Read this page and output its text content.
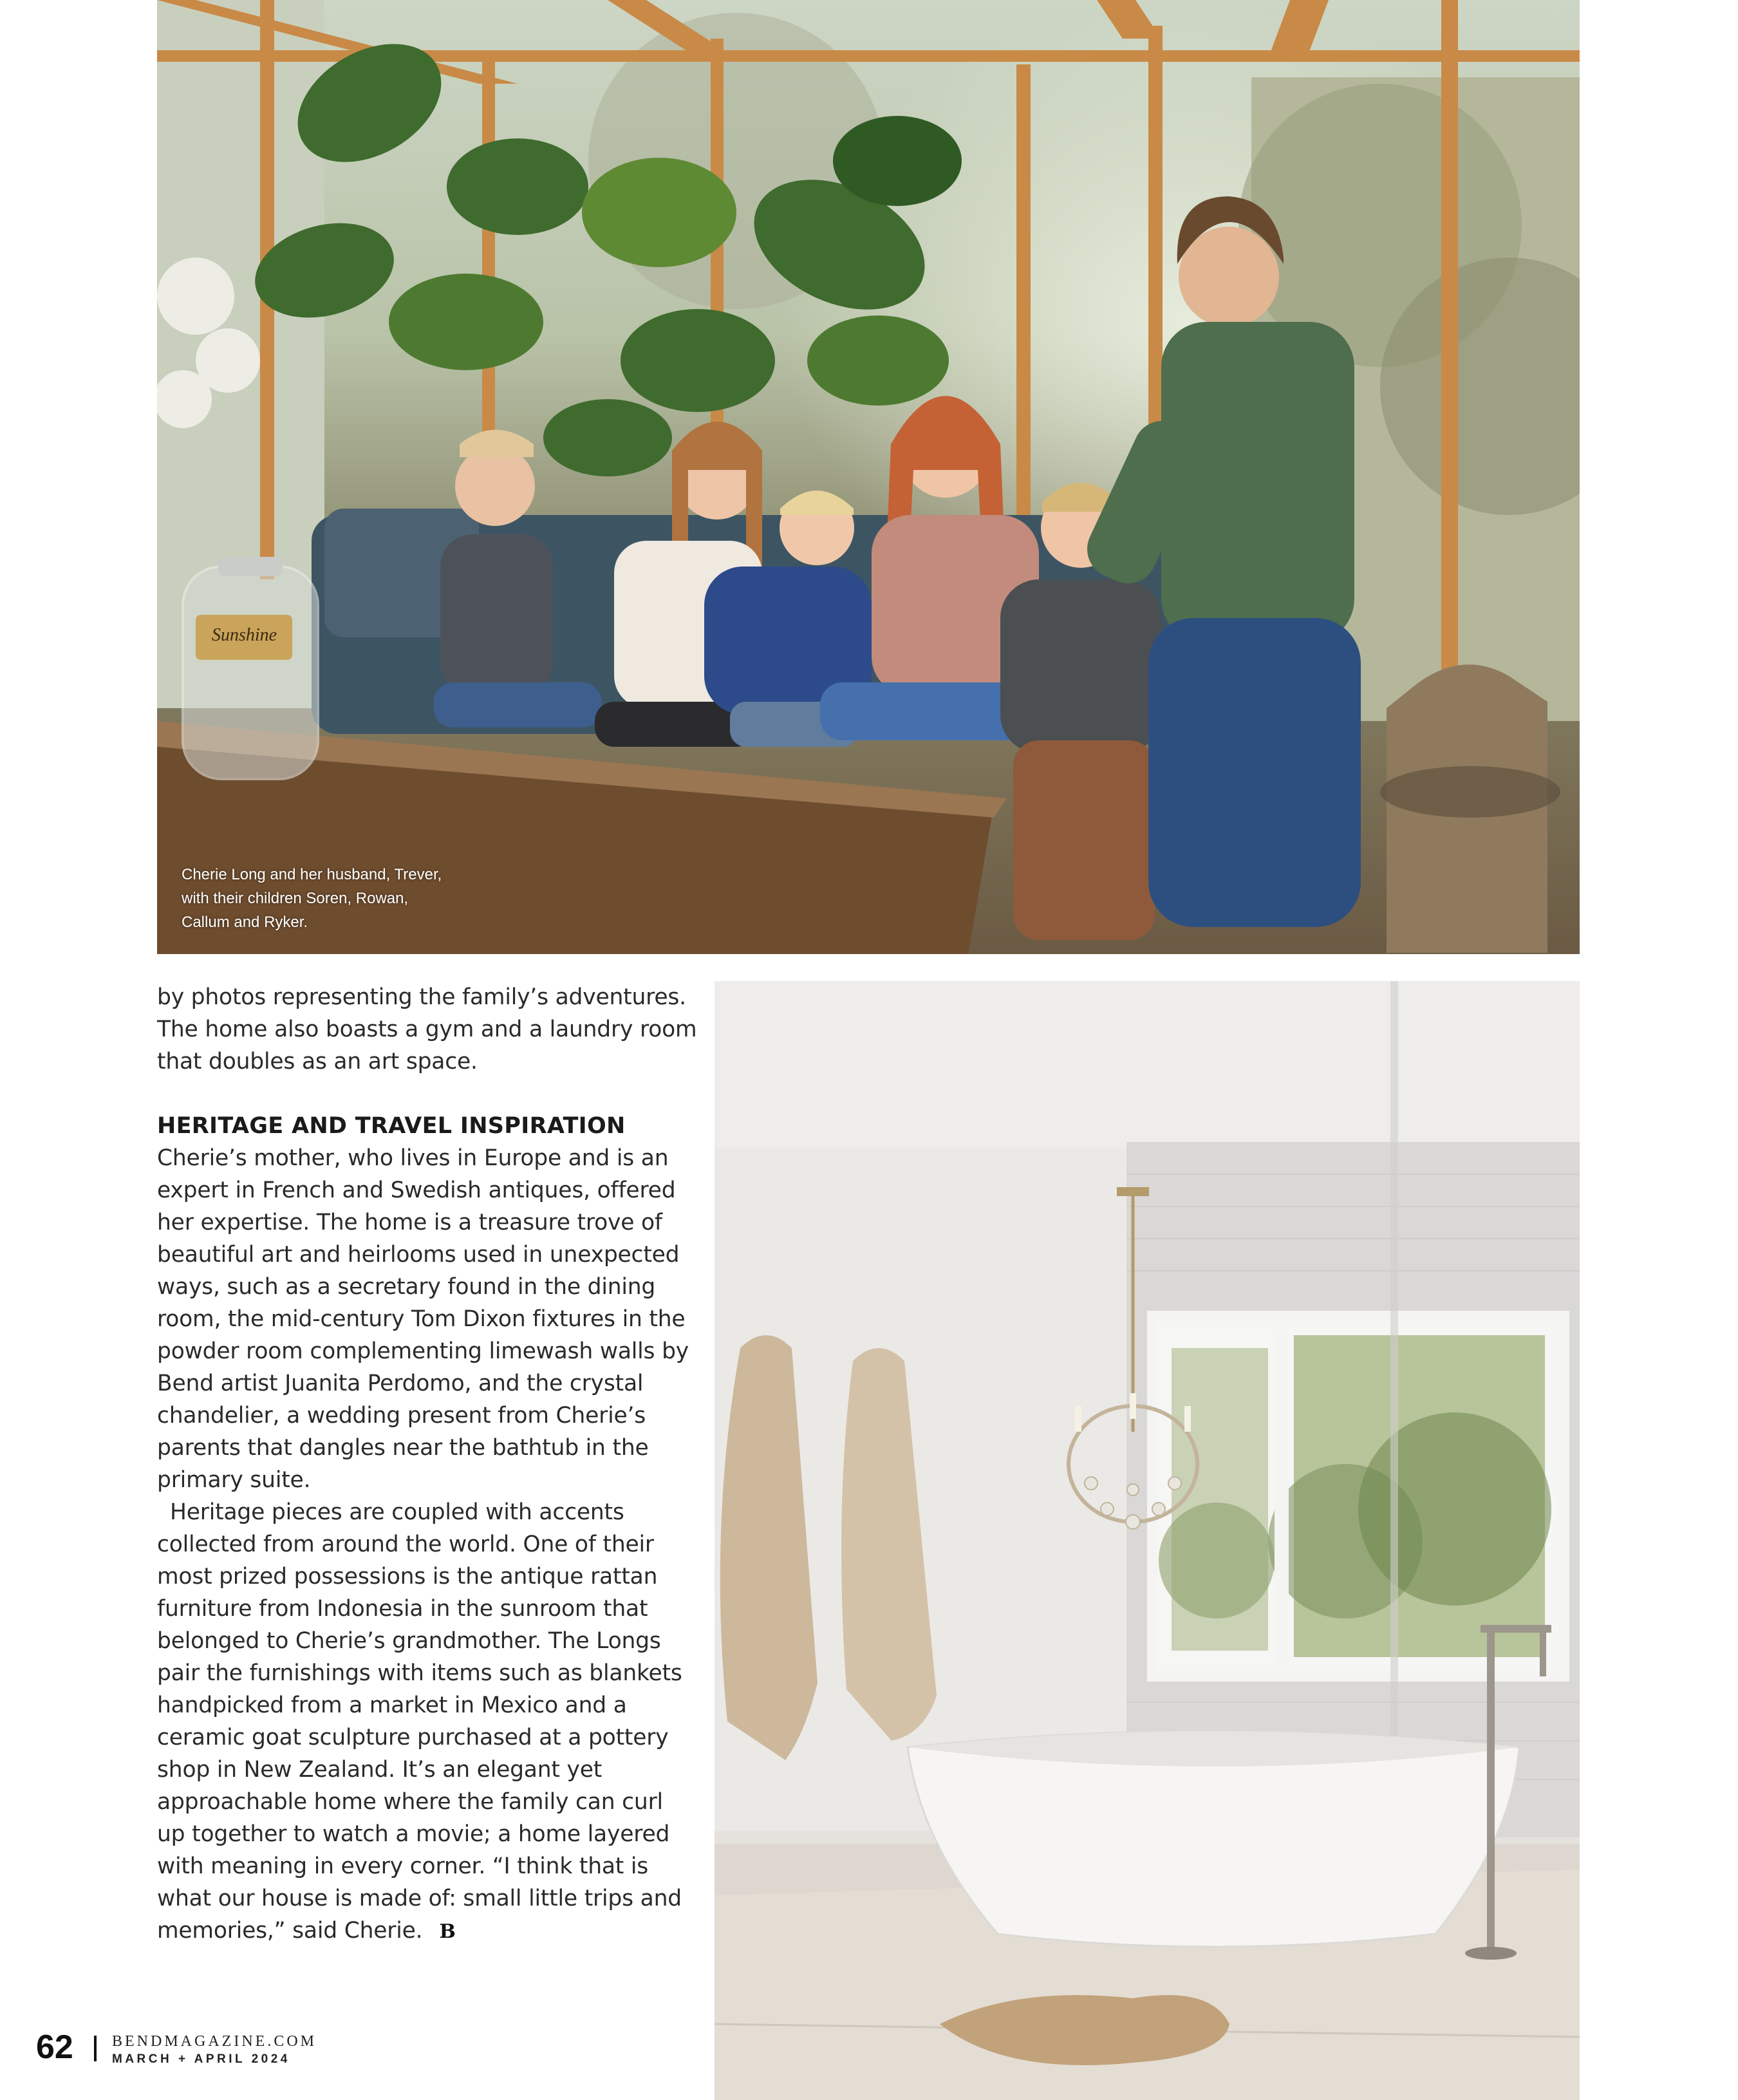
Sunshine
Cherie Long and her husband, Trever,
with their children Soren, Rowan,
Callum and Ryker.

by photos representing the family’s adventures. The home also boasts a gym and a laundry room that doubles as an art space.

HERITAGE AND TRAVEL INSPIRATION

Cherie’s mother, who lives in Europe and is an expert in French and Swedish antiques, offered her expertise. The home is a treasure trove of beautiful art and heirlooms used in unexpected ways, such as a secretary found in the dining room, the mid-century Tom Dixon fixtures in the powder room complementing limewash walls by Bend artist Juanita Perdomo, and the crystal chandelier, a wedding present from Cherie’s parents that dangles near the bathtub in the primary suite.

Heritage pieces are coupled with accents collected from around the world. One of their most prized possessions is the antique rattan furniture from Indonesia in the sunroom that belonged to Cherie’s grandmother. The Longs pair the furnishings with items such as blankets handpicked from a market in Mexico and a ceramic goat sculpture purchased at a pottery shop in New Zealand. It’s an elegant yet approachable home where the family can curl up together to watch a movie; a home layered with meaning in every corner. “I think that is what our house is made of: small little trips and memories,” said Cherie. B

62	BENDMAGAZINE.COM
MARCH + APRIL 2024
